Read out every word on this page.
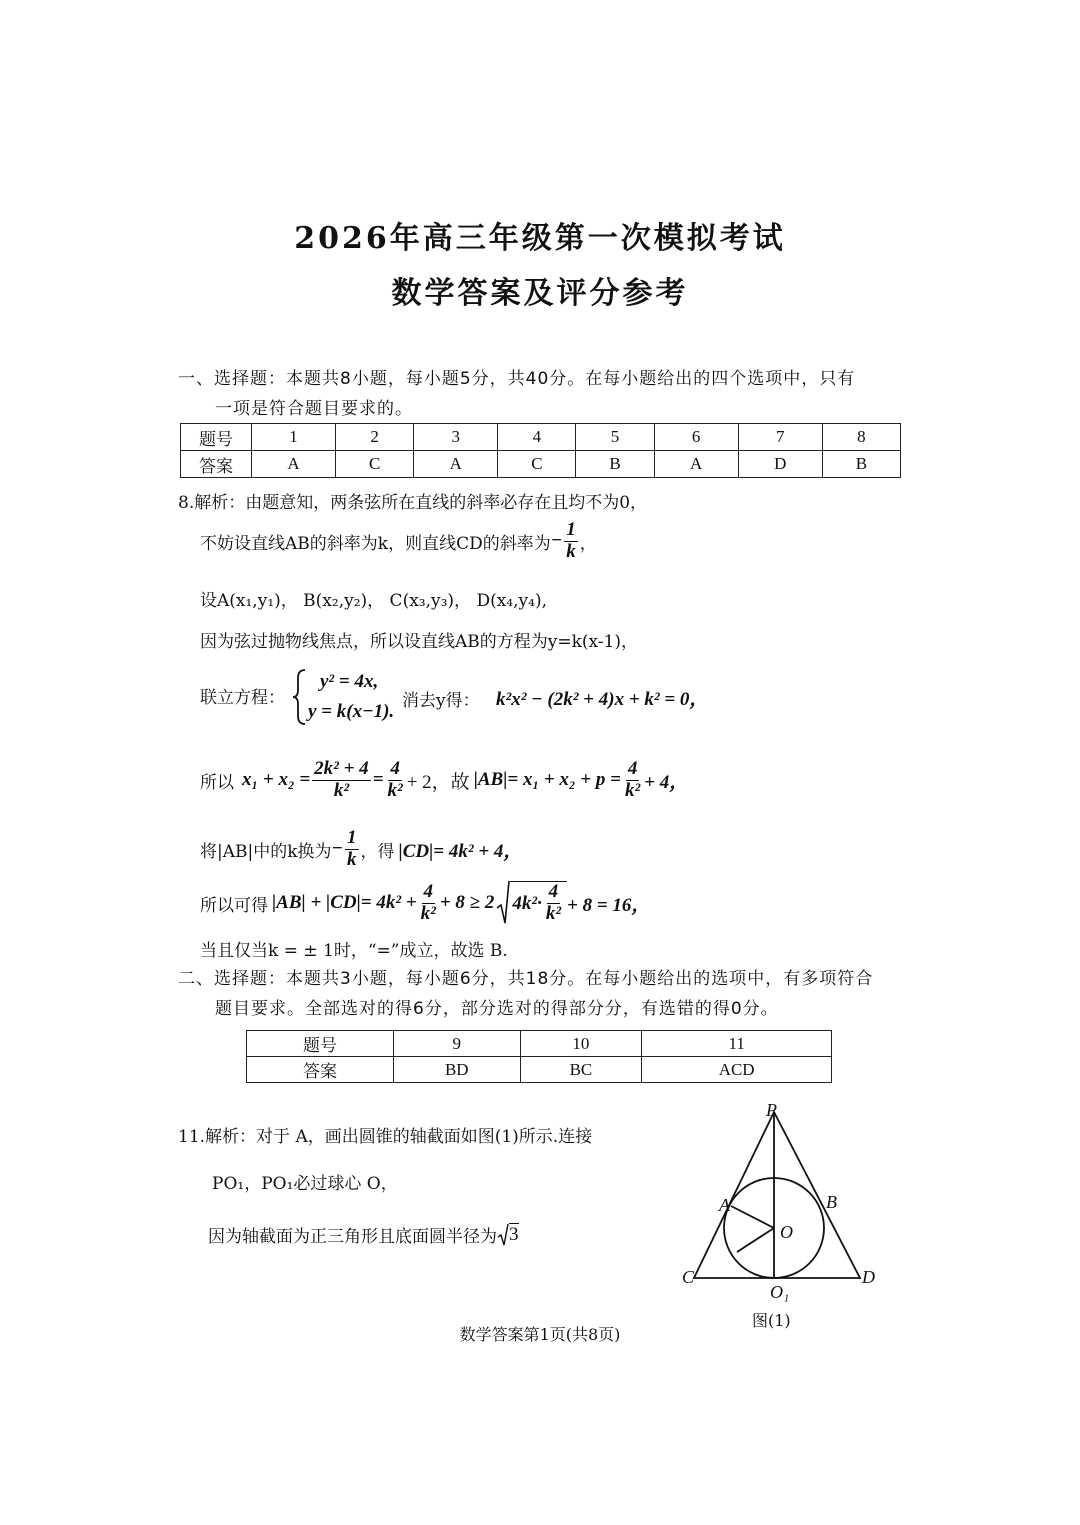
2026年高三年级第一次模拟考试
数学答案及评分参考
一、选择题：本题共8小题，每小题5分，共40分。在每小题给出的四个选项中，只有
一项是符合题目要求的。
题号	1	2	3	4	5	6	7	8
答案	A	C	A	C	B	A	D	B
8.解析：由题意知，两条弦所在直线的斜率必存在且均不为0，
不妨设直线AB的斜率为k，则直线CD的斜率为 − $\frac{1}{k}$ ，
设A(x₁,y₁)， B(x₂,y₂)， C(x₃,y₃)， D(x₄,y₄),
因为弦过抛物线焦点，所以设直线AB的方程为y=k(x-1)，
联立方程：
y² = 4x,
y = k(x−1). 消去y得： k²x² − (2k² + 4)x + k² = 0，
所以 $x_1 + x_2 = \frac{\text{2k² + 4}}{\text{k²}} = \frac{4}{\text{k²}} + 2$，故 $|AB|= x_1 + x_2 + p = \frac{4}{\text{k²}} + 4$，
将|AB|中的k换为 − $\frac{1}{k}$ ，得 |CD|= 4k² + 4，
所以可得 $|AB| + |CD|= 4k^2 + \frac{4}{\text{k²}} + 8 \ge 2$ $4k^2\cdot \frac{4}{\text{k²}} + 8 = 16$，
当且仅当k = ± 1时，“=”成立，故选 B.
二、选择题：本题共3小题，每小题6分，共18分。在每小题给出的选项中，有多项符合
题目要求。全部选对的得6分，部分选对的得部分分，有选错的得0分。
题号	9	10	11
答案	BD	BC	ACD
11.解析：对于 A，画出圆锥的轴截面如图(1)所示.连接
PO₁，PO₁必过球心 O，
因为轴截面为正三角形且底面圆半径为 3
P
A	B
O
C	D
O₁
图(1)
数学答案第1页(共8页)
